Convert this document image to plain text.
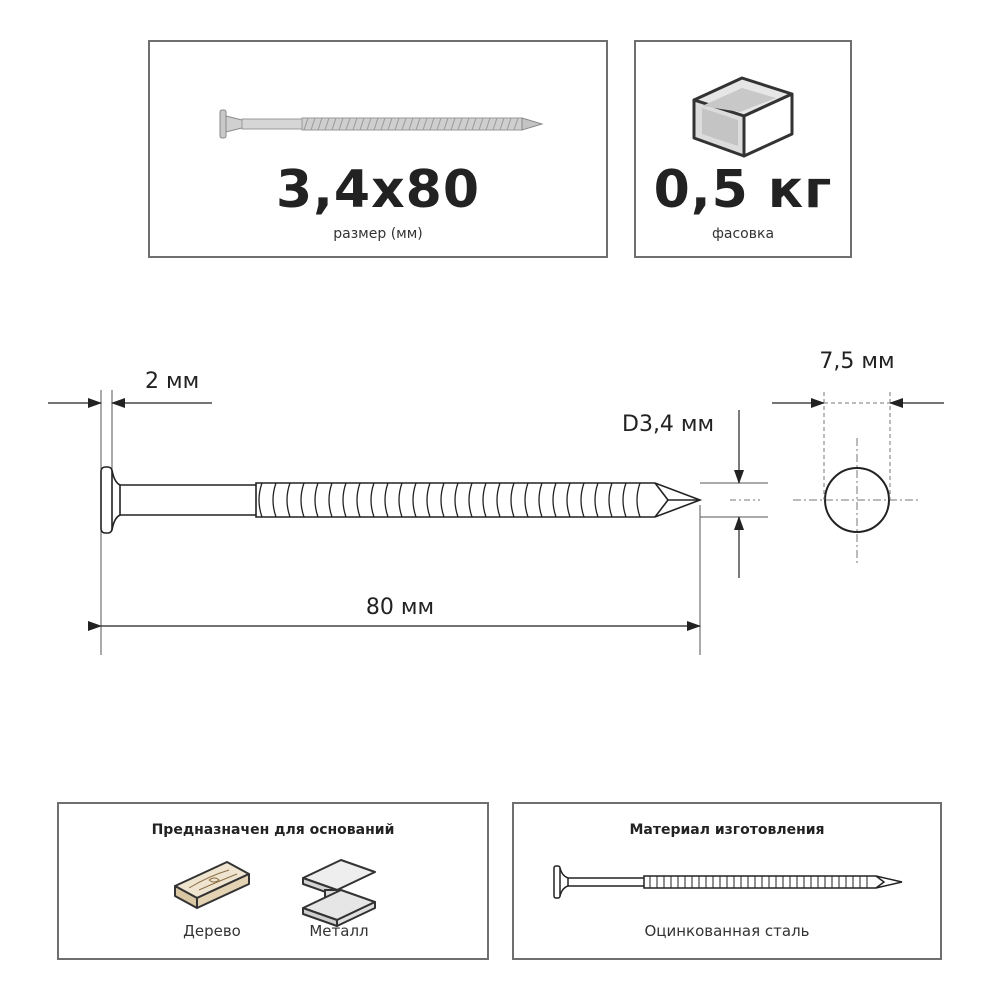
3,4x80
размер (мм)
0,5 кг
фасовка
2 мм
D3,4 мм
80 мм
7,5 мм
Предназначен для оснований
Дерево	Металл
Материал изготовления
Оцинкованная сталь
